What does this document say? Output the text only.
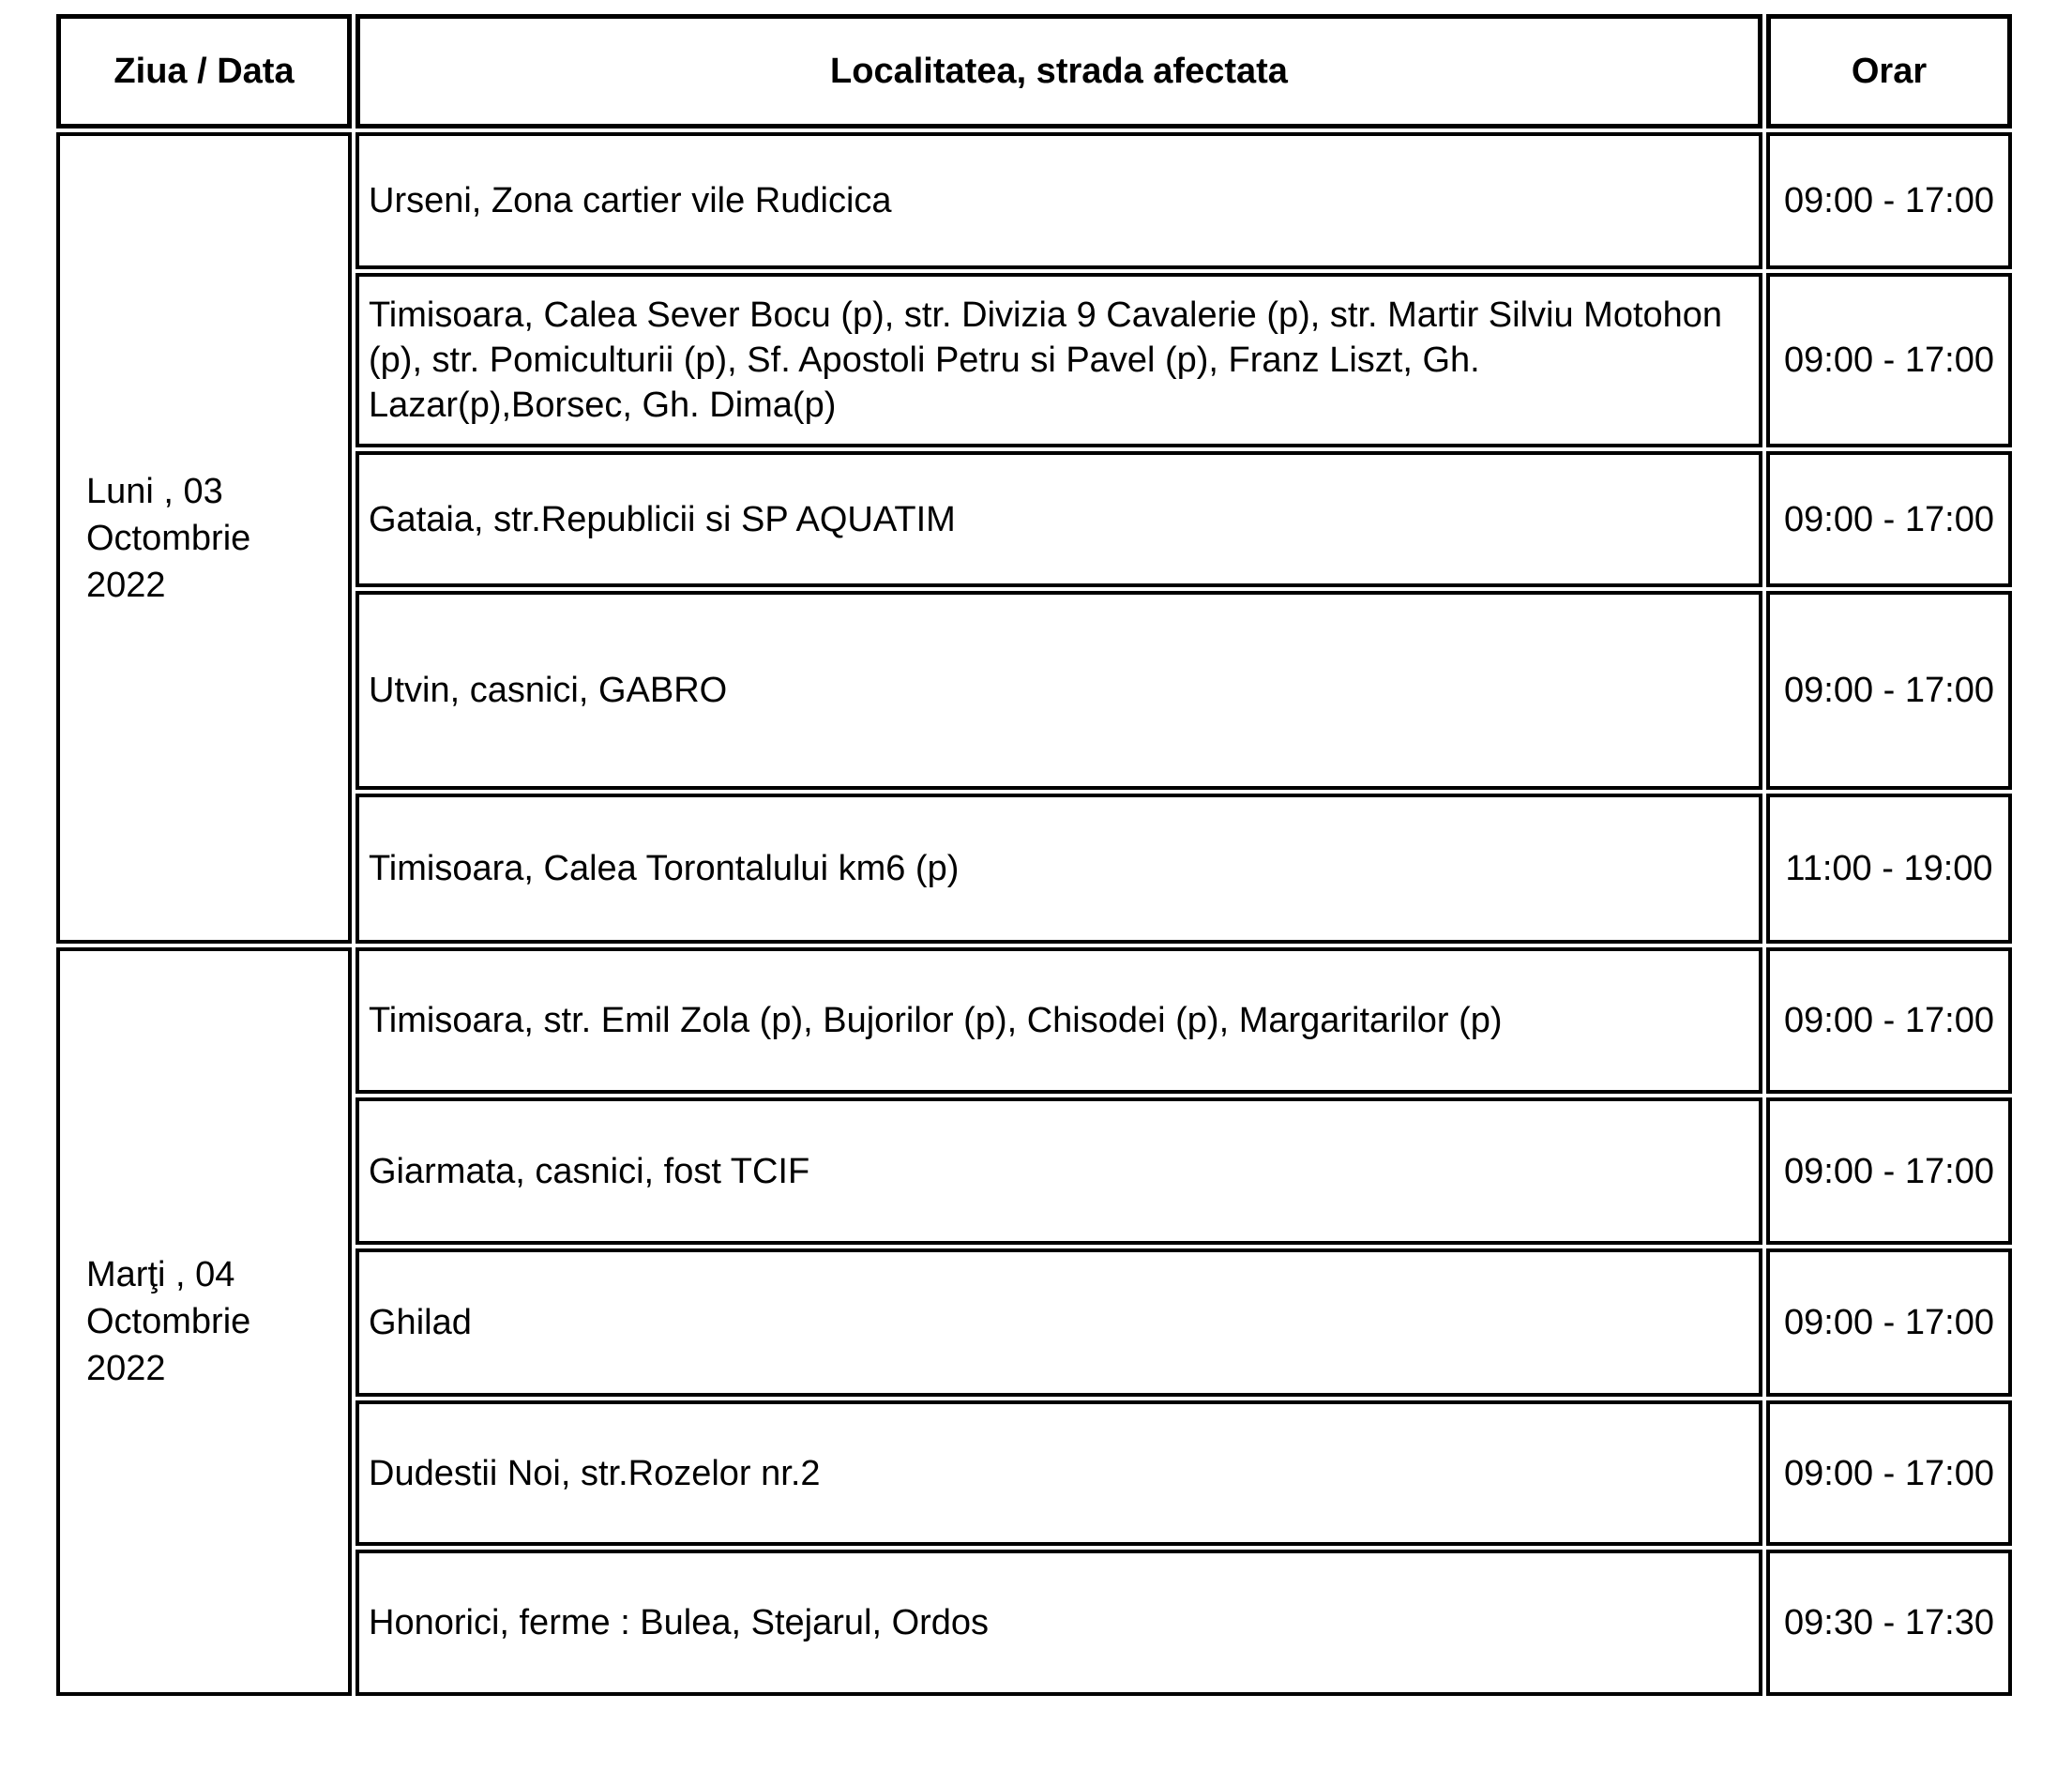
Ziua / Data	Localitatea, strada afectata	Orar
Luni , 03 Octombrie 2022	Urseni, Zona cartier vile Rudicica	09:00 - 17:00
	Timisoara, Calea Sever Bocu (p), str. Divizia 9 Cavalerie (p), str. Martir Silviu Motohon (p), str. Pomiculturii (p), Sf. Apostoli Petru si Pavel (p), Franz Liszt, Gh. Lazar(p),Borsec, Gh. Dima(p)	09:00 - 17:00
	Gataia, str.Republicii si SP AQUATIM	09:00 - 17:00
	Utvin, casnici, GABRO	09:00 - 17:00
	Timisoara, Calea Torontalului km6 (p)	11:00 - 19:00
Marţi , 04 Octombrie 2022	Timisoara, str. Emil Zola (p), Bujorilor (p), Chisodei (p), Margaritarilor (p)	09:00 - 17:00
	Giarmata, casnici, fost TCIF	09:00 - 17:00
	Ghilad	09:00 - 17:00
	Dudestii Noi, str.Rozelor nr.2	09:00 - 17:00
	Honorici, ferme : Bulea, Stejarul, Ordos	09:30 - 17:30
